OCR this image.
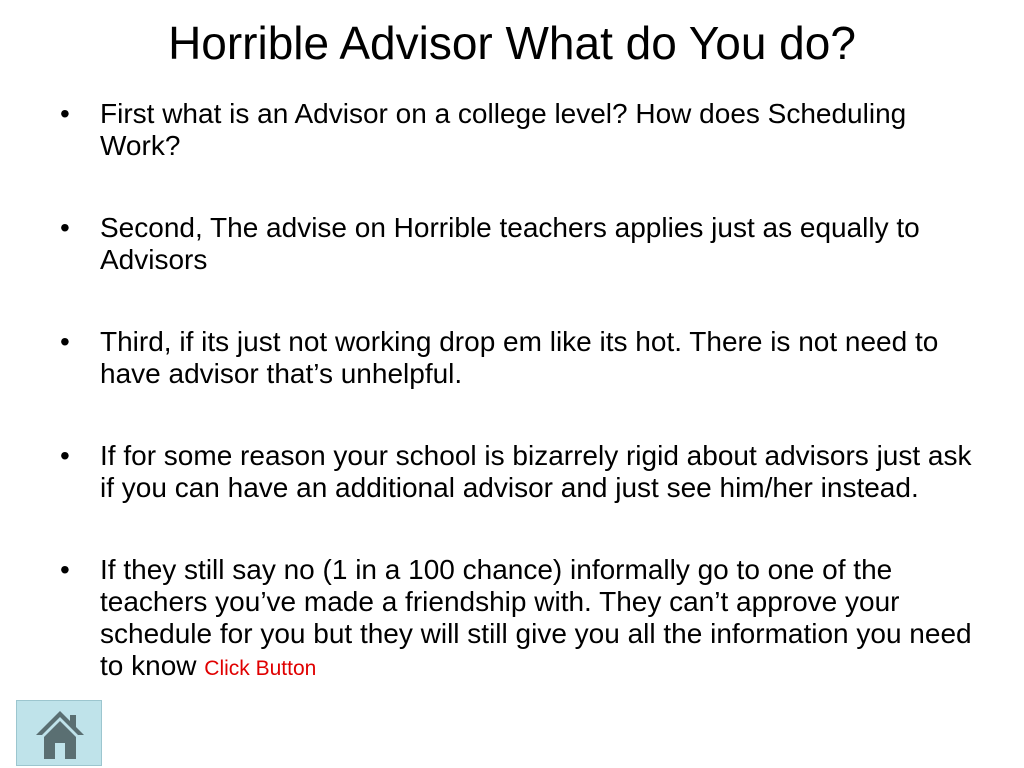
Horrible Advisor What do You do?
• First what is an Advisor on a college level? How does Scheduling Work?
• Second, The advise on Horrible teachers applies just as equally to Advisors
• Third, if its just not working drop em like its hot. There is not need to have advisor that’s unhelpful.
• If for some reason your school is bizarrely rigid about advisors just ask if you can have an additional advisor and just see him/her instead.
• If they still say no (1 in a 100 chance) informally go to one of the teachers you’ve made a friendship with. They can’t approve your schedule for you but they will still give you all the information you need to know Click Button
